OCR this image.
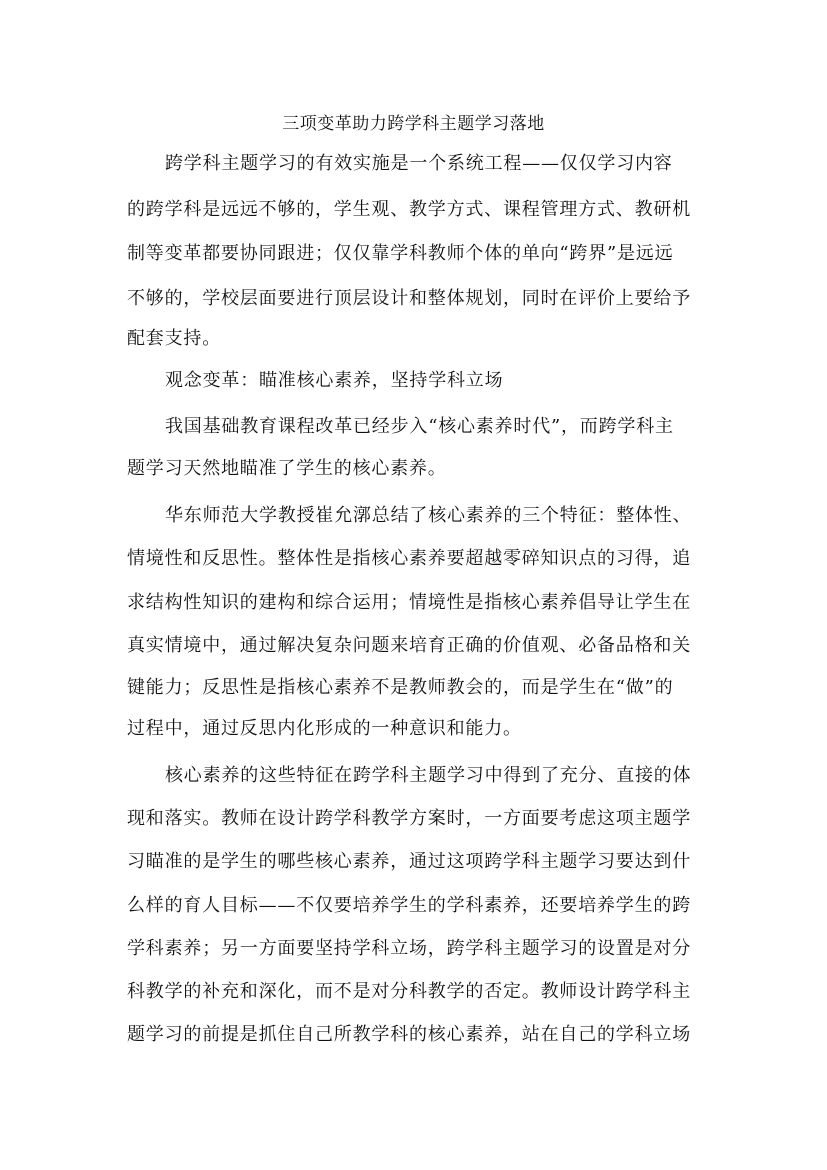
三项变革助力跨学科主题学习落地
跨学科主题学习的有效实施是一个系统工程——仅仅学习内容
的跨学科是远远不够的，学生观、教学方式、课程管理方式、教研机
制等变革都要协同跟进；仅仅靠学科教师个体的单向“跨界”是远远
不够的，学校层面要进行顶层设计和整体规划，同时在评价上要给予
配套支持。
观念变革：瞄准核心素养，坚持学科立场
我国基础教育课程改革已经步入“核心素养时代”，而跨学科主
题学习天然地瞄准了学生的核心素养。
华东师范大学教授崔允漷总结了核心素养的三个特征：整体性、
情境性和反思性。整体性是指核心素养要超越零碎知识点的习得，追
求结构性知识的建构和综合运用；情境性是指核心素养倡导让学生在
真实情境中，通过解决复杂问题来培育正确的价值观、必备品格和关
键能力；反思性是指核心素养不是教师教会的，而是学生在“做”的
过程中，通过反思内化形成的一种意识和能力。
核心素养的这些特征在跨学科主题学习中得到了充分、直接的体
现和落实。教师在设计跨学科教学方案时，一方面要考虑这项主题学
习瞄准的是学生的哪些核心素养，通过这项跨学科主题学习要达到什
么样的育人目标——不仅要培养学生的学科素养，还要培养学生的跨
学科素养；另一方面要坚持学科立场，跨学科主题学习的设置是对分
科教学的补充和深化，而不是对分科教学的否定。教师设计跨学科主
题学习的前提是抓住自己所教学科的核心素养，站在自己的学科立场
